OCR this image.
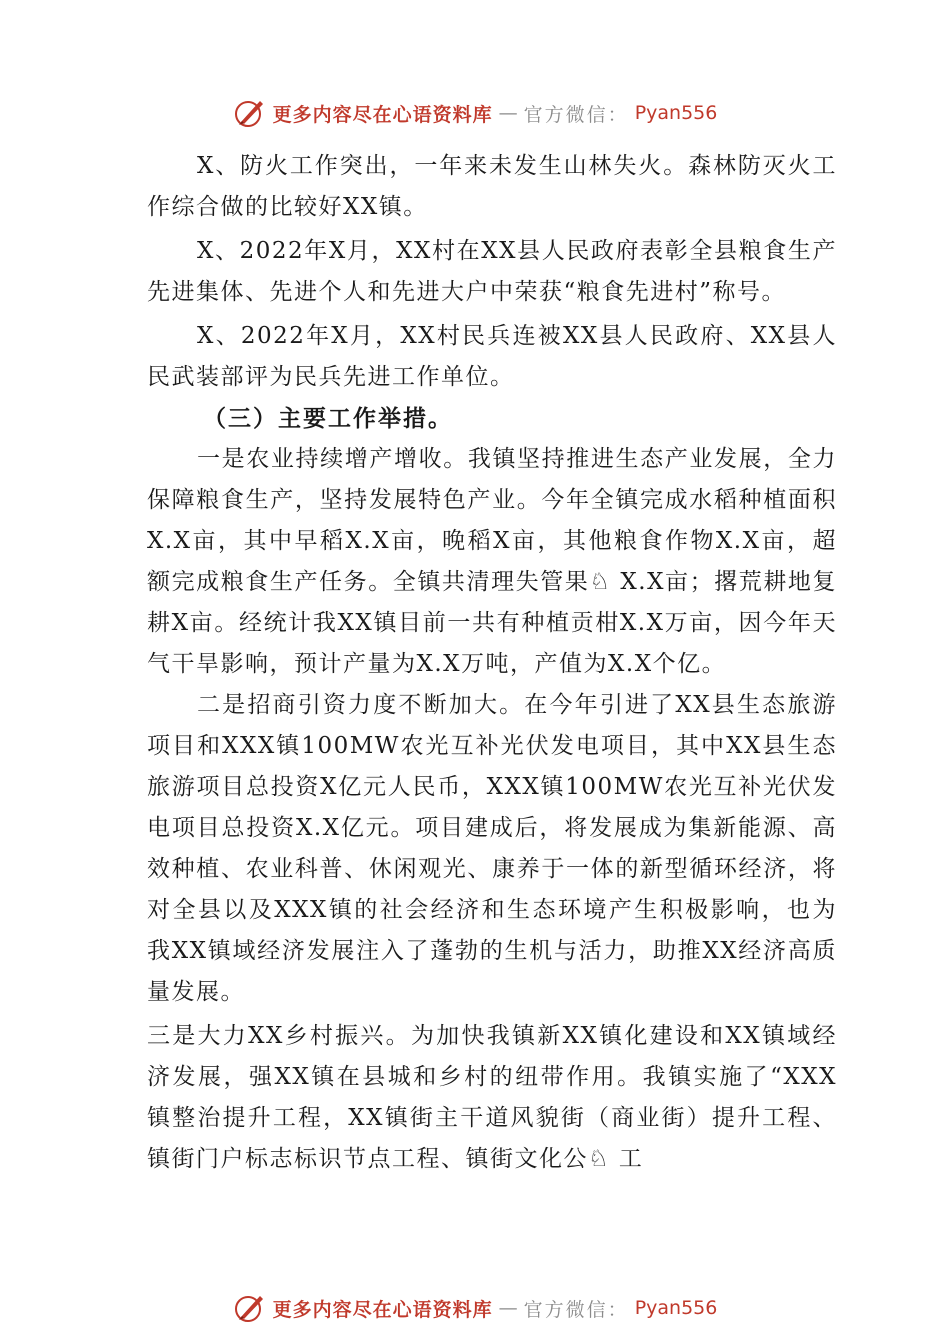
更多内容尽在心语资料库 — 官方微信： Pyan556

X、防火工作突出，一年来未发生山林失火。森林防灭火工作综合做的比较好XX镇。

X、2022年X月，XX村在XX县人民政府表彰全县粮食生产先进集体、先进个人和先进大户中荣获“粮食先进村”称号。

X、2022年X月，XX村民兵连被XX县人民政府、XX县人民武装部评为民兵先进工作单位。

（三）主要工作举措。

一是农业持续增产增收。我镇坚持推进生态产业发展，全力保障粮食生产，坚持发展特色产业。今年全镇完成水稻种植面积X.X亩，其中早稻X.X亩，晚稻X亩，其他粮食作物X.X亩，超额完成粮食生产任务。全镇共清理失管果♘ X.X亩；撂荒耕地复耕X亩。经统计我XX镇目前一共有种植贡柑X.X万亩，因今年天气干旱影响，预计产量为X.X万吨，产值为X.X个亿。

二是招商引资力度不断加大。在今年引进了XX县生态旅游项目和XXX镇100MW农光互补光伏发电项目，其中XX县生态旅游项目总投资X亿元人民币，XXX镇100MW农光互补光伏发电项目总投资X.X亿元。项目建成后，将发展成为集新能源、高效种植、农业科普、休闲观光、康养于一体的新型循环经济，将对全县以及XXX镇的社会经济和生态环境产生积极影响，也为我XX镇域经济发展注入了蓬勃的生机与活力，助推XX经济高质量发展。

三是大力XX乡村振兴。为加快我镇新XX镇化建设和XX镇域经济发展，强XX镇在县城和乡村的纽带作用。我镇实施了“XXX镇整治提升工程，XX镇街主干道风貌街（商业街）提升工程、镇街门户标志标识节点工程、镇街文化公♘ 工

更多内容尽在心语资料库 — 官方微信： Pyan556
